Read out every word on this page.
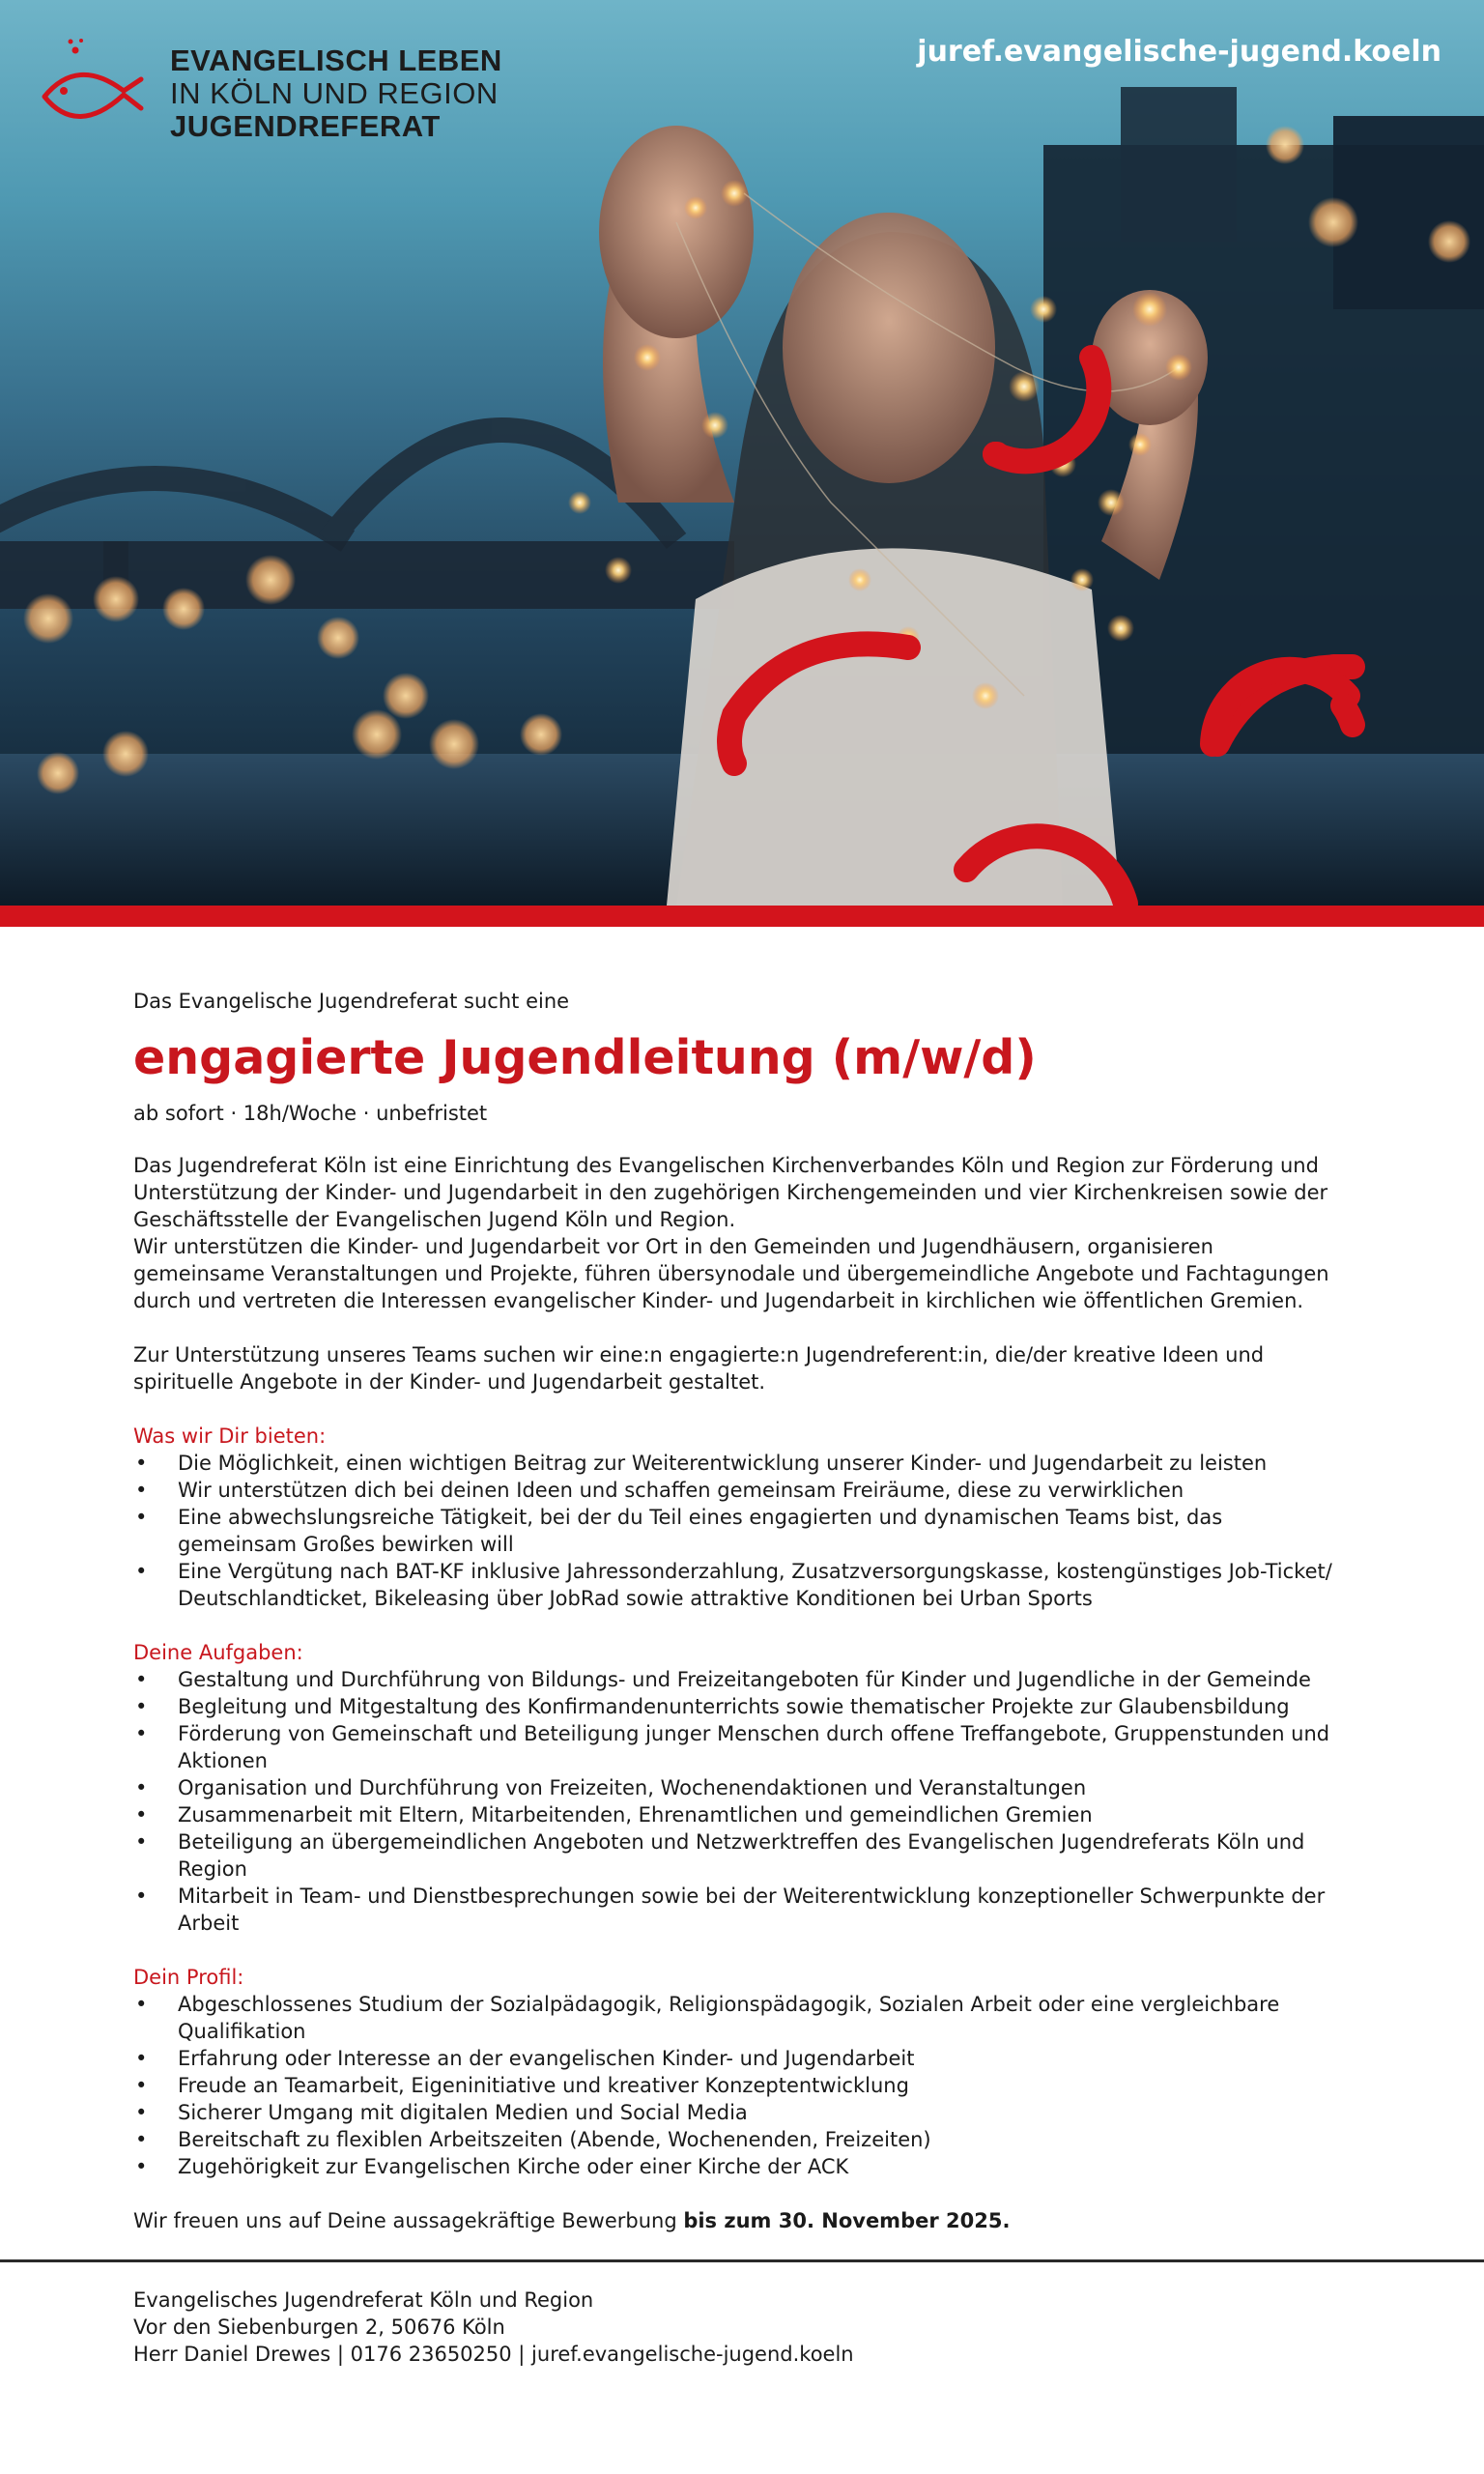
EVANGELISCH LEBEN
IN KÖLN UND REGION
JUGENDREFERAT
juref.evangelische-jugend.koeln

Das Evangelische Jugendreferat sucht eine

engagierte Jugendleitung (m/w/d)

ab sofort · 18h/Woche · unbefristet

Das Jugendreferat Köln ist eine Einrichtung des Evangelischen Kirchenverbandes Köln und Region zur Förderung und Unterstützung der Kinder- und Jugendarbeit in den zugehörigen Kirchengemeinden und vier Kirchenkreisen sowie der Geschäftsstelle der Evangelischen Jugend Köln und Region.

Wir unterstützen die Kinder- und Jugendarbeit vor Ort in den Gemeinden und Jugendhäusern, organisieren gemeinsame Veranstaltungen und Projekte, führen übersynodale und übergemeindliche Angebote und Fachtagungen durch und vertreten die Interessen evangelischer Kinder- und Jugendarbeit in kirchlichen wie öffentlichen Gremien.

Zur Unterstützung unseres Teams suchen wir eine:n engagierte:n Jugendreferent:in, die/der kreative Ideen und spirituelle Angebote in der Kinder- und Jugendarbeit gestaltet.

Was wir Dir bieten:

• Die Möglichkeit, einen wichtigen Beitrag zur Weiterentwicklung unserer Kinder- und Jugendarbeit zu leisten
• Wir unterstützen dich bei deinen Ideen und schaffen gemeinsam Freiräume, diese zu verwirklichen
• Eine abwechslungsreiche Tätigkeit, bei der du Teil eines engagierten und dynamischen Teams bist, das gemeinsam Großes bewirken will
• Eine Vergütung nach BAT-KF inklusive Jahressonderzahlung, Zusatzversorgungskasse, kostengünstiges Job-Ticket/ Deutschlandticket, Bikeleasing über JobRad sowie attraktive Konditionen bei Urban Sports

Deine Aufgaben:

• Gestaltung und Durchführung von Bildungs- und Freizeitangeboten für Kinder und Jugendliche in der Gemeinde
• Begleitung und Mitgestaltung des Konfirmandenunterrichts sowie thematischer Projekte zur Glaubensbildung
• Förderung von Gemeinschaft und Beteiligung junger Menschen durch offene Treffangebote, Gruppenstunden und Aktionen
• Organisation und Durchführung von Freizeiten, Wochenendaktionen und Veranstaltungen
• Zusammenarbeit mit Eltern, Mitarbeitenden, Ehrenamtlichen und gemeindlichen Gremien
• Beteiligung an übergemeindlichen Angeboten und Netzwerktreffen des Evangelischen Jugendreferats Köln und Region
• Mitarbeit in Team- und Dienstbesprechungen sowie bei der Weiterentwicklung konzeptioneller Schwerpunkte der Arbeit

Dein Profil:

• Abgeschlossenes Studium der Sozialpädagogik, Religionspädagogik, Sozialen Arbeit oder eine vergleichbare Qualifikation
• Erfahrung oder Interesse an der evangelischen Kinder- und Jugendarbeit
• Freude an Teamarbeit, Eigeninitiative und kreativer Konzeptentwicklung
• Sicherer Umgang mit digitalen Medien und Social Media
• Bereitschaft zu flexiblen Arbeitszeiten (Abende, Wochenenden, Freizeiten)
• Zugehörigkeit zur Evangelischen Kirche oder einer Kirche der ACK

Wir freuen uns auf Deine aussagekräftige Bewerbung bis zum 30. November 2025.

Evangelisches Jugendreferat Köln und Region
Vor den Siebenburgen 2, 50676 Köln
Herr Daniel Drewes | 0176 23650250 | juref.evangelische-jugend.koeln
